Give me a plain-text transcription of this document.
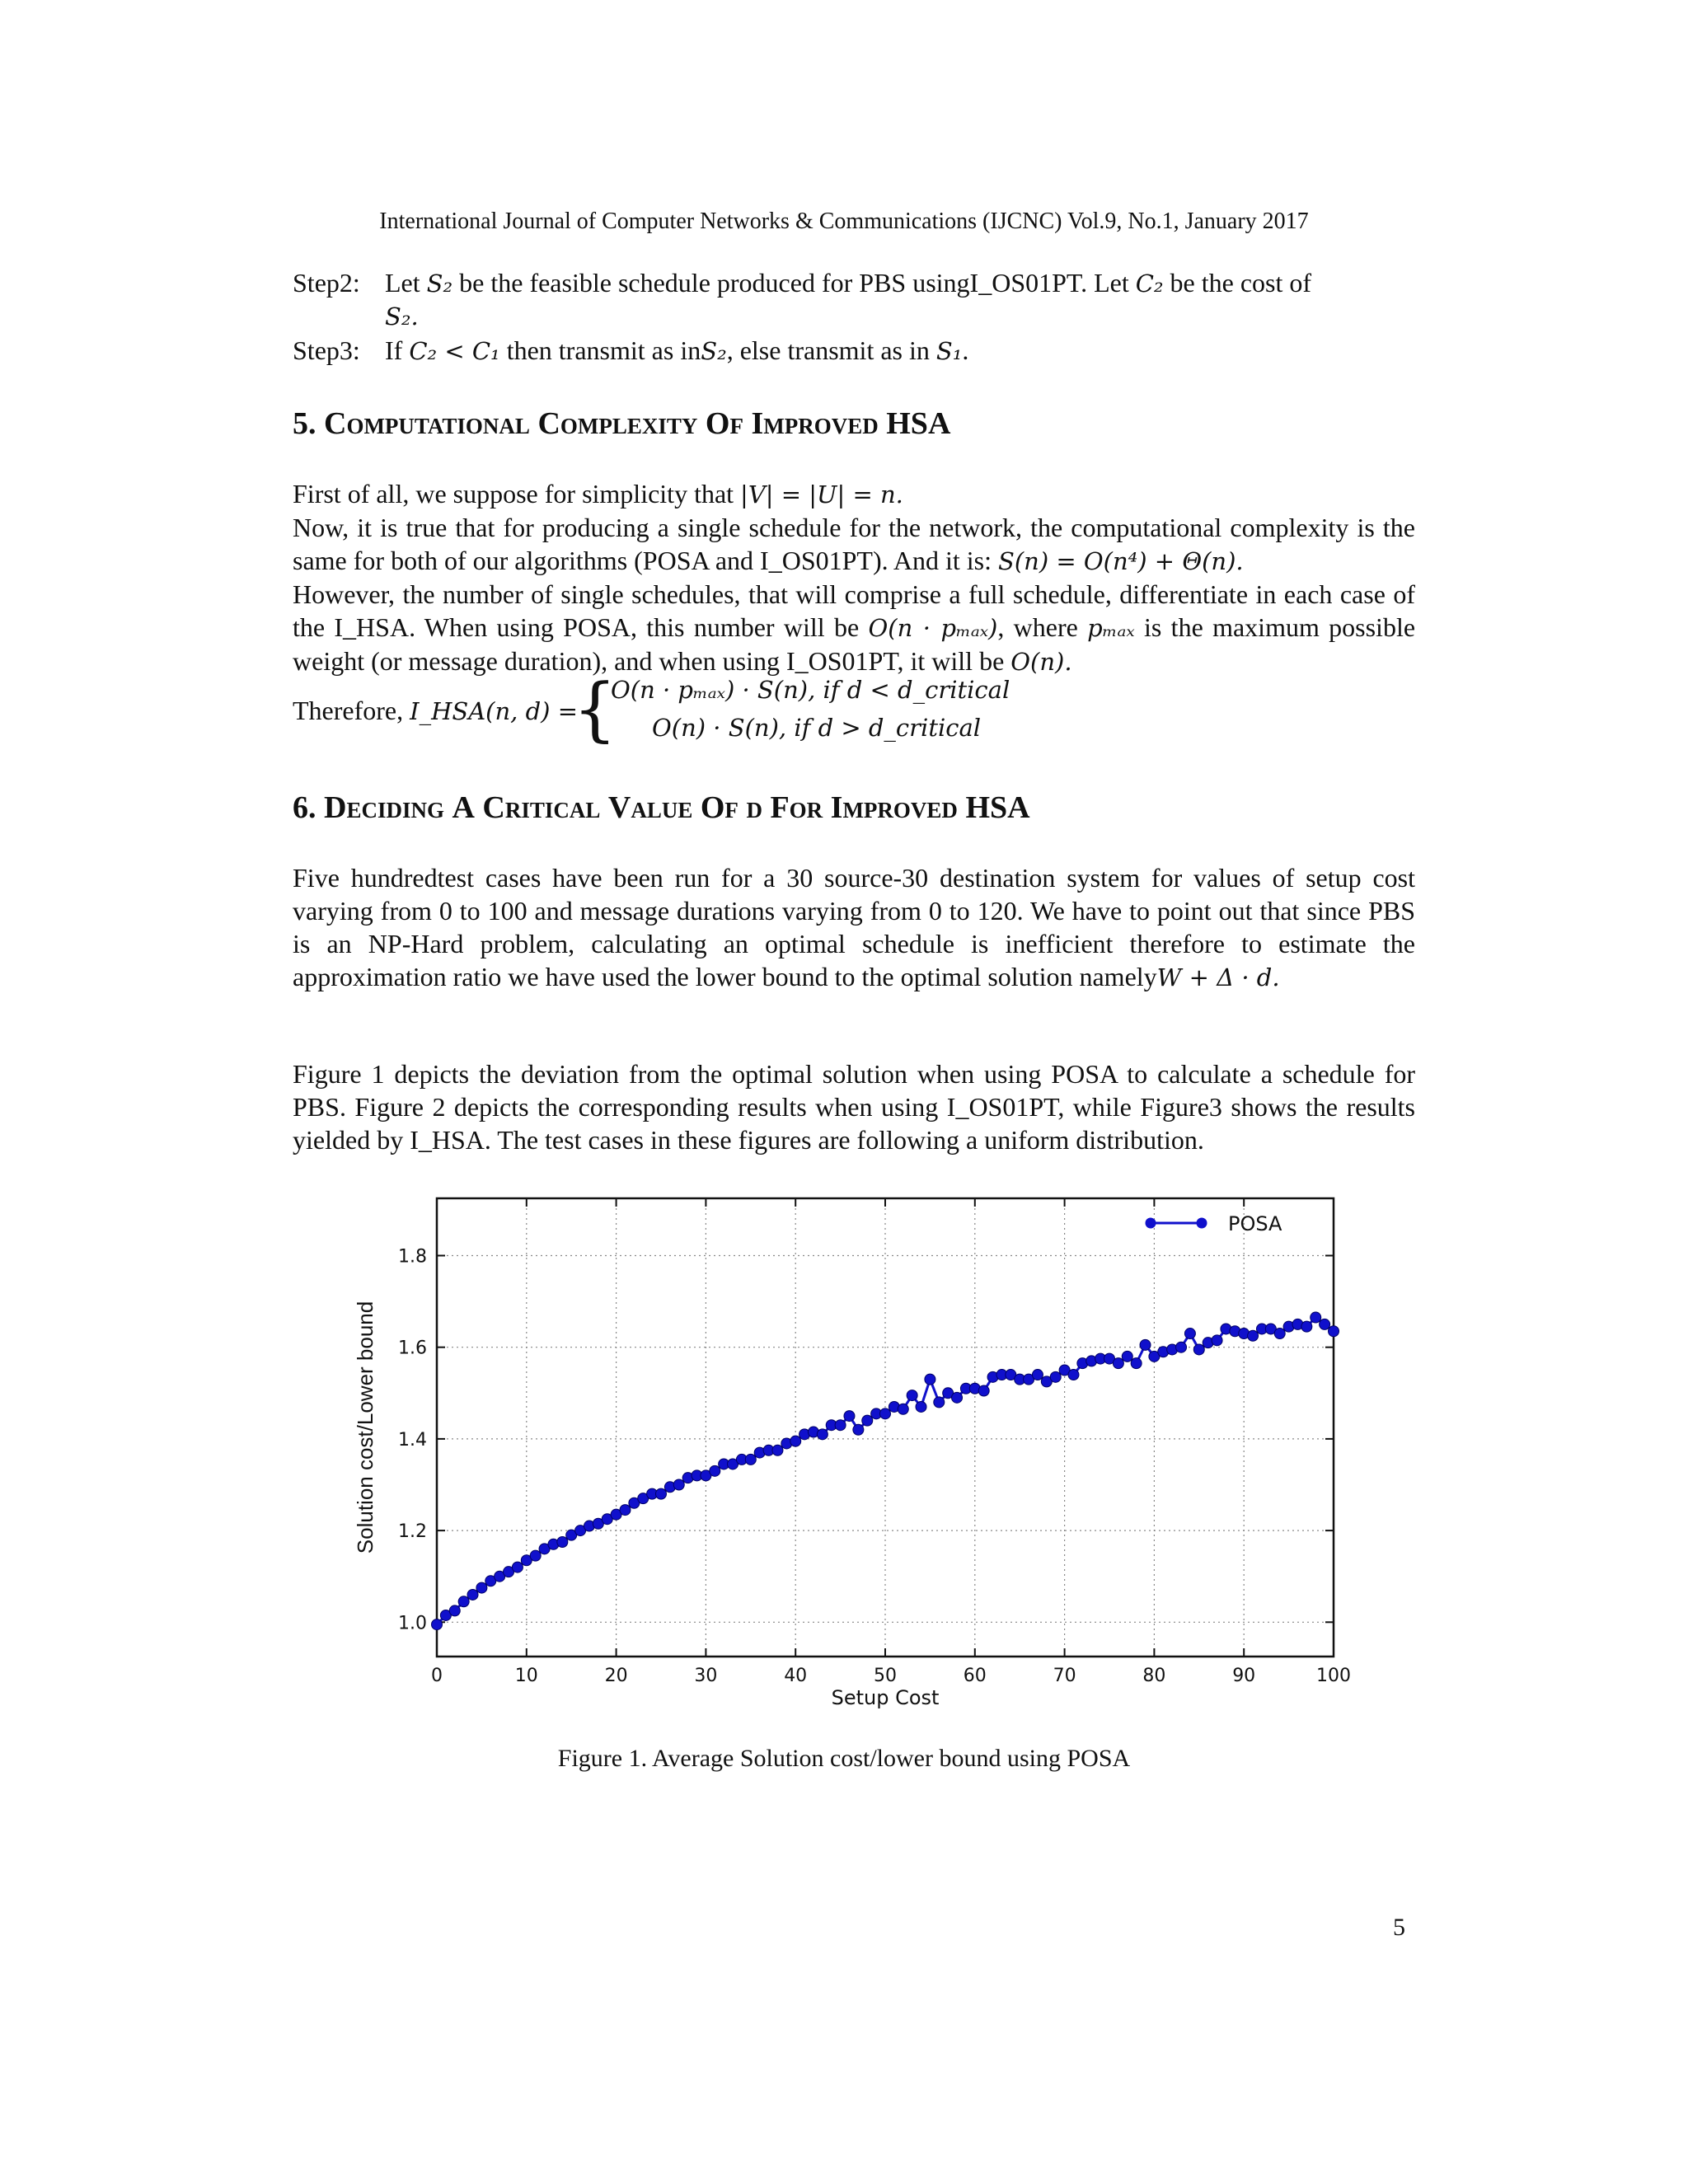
International Journal of Computer Networks & Communications (IJCNC) Vol.9, No.1, January 2017
Step2: Let S₂ be the feasible schedule produced for PBS usingI_OS01PT. Let C₂ be the cost of
S₂.
Step3: If C₂ < C₁ then transmit as inS₂, else transmit as in S₁.
5. Computational Complexity Of Improved HSA
First of all, we suppose for simplicity that |V| = |U| = n.
Now, it is true that for producing a single schedule for the network, the computational complexity is the same for both of our algorithms (POSA and I_OS01PT). And it is: S(n) = O(n⁴) + Θ(n).
However, the number of single schedules, that will comprise a full schedule, differentiate in each case of the I_HSA. When using POSA, this number will be O(n · pₘₐₓ), where pₘₐₓ is the maximum possible weight (or message duration), and when using I_OS01PT, it will be O(n).
Therefore, I_HSA(n, d) =
{
O(n · pₘₐₓ) · S(n), if d < d_critical
O(n) · S(n), if d > d_critical
6. Deciding A Critical Value Of d For Improved HSA
Five hundredtest cases have been run for a 30 source-30 destination system for values of setup cost varying from 0 to 100 and message durations varying from 0 to 120. We have to point out that since PBS is an NP-Hard problem, calculating an optimal schedule is inefficient therefore to estimate the approximation ratio we have used the lower bound to the optimal solution namelyW + Δ · d.
Figure 1 depicts the deviation from the optimal solution when using POSA to calculate a schedule for PBS. Figure 2 depicts the corresponding results when using I_OS01PT, while Figure3 shows the results yielded by I_HSA. The test cases in these figures are following a uniform distribution.
0	10	20	30	40	50	60	70	80	90	100
1.0
1.2
1.4
1.6
1.8
Setup Cost
Solution cost/Lower bound
POSA
Figure 1. Average Solution cost/lower bound using POSA
5
